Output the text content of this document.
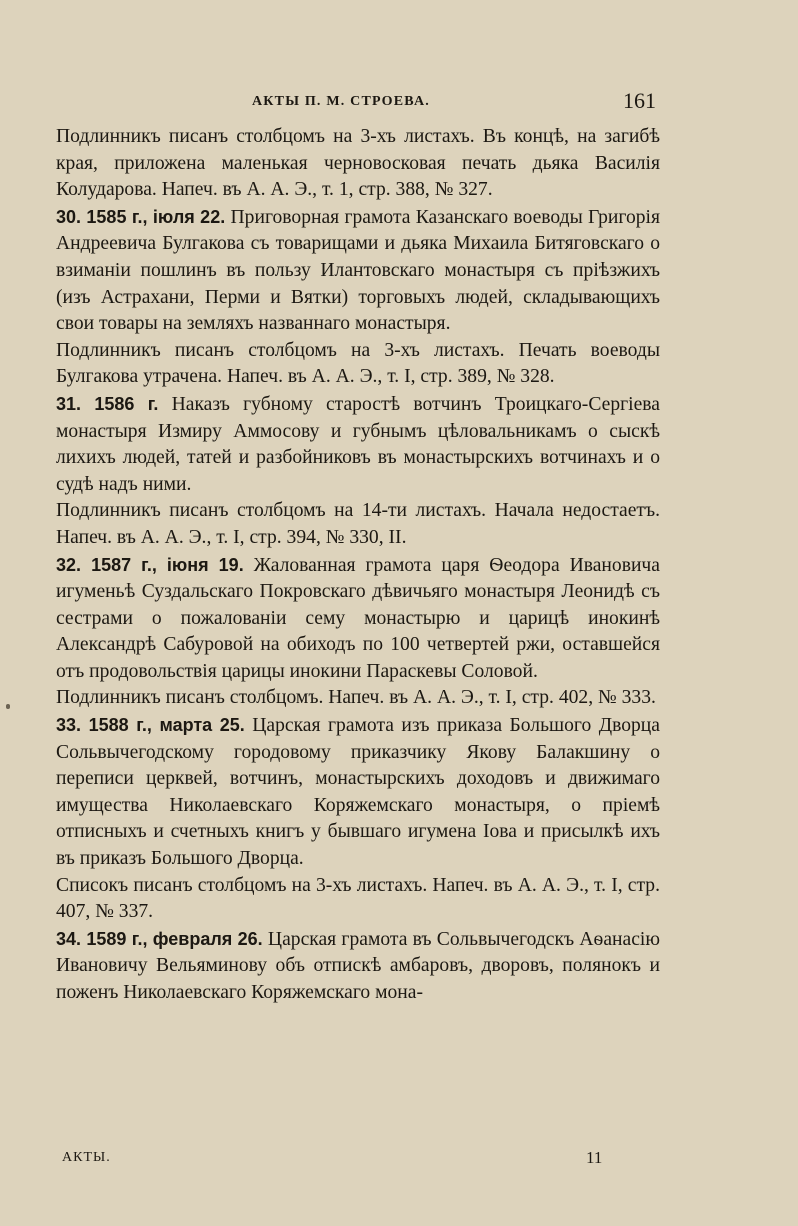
АКТЫ П. М. СТРОЕВА.	161

Подлинникъ писанъ столбцомъ на 3-хъ листахъ. Въ концѣ, на загибѣ края, приложена маленькая черновосковая печать дьяка Василія Колударова. Напеч. въ А. А. Э., т. 1, стр. 388, № 327.

30. 1585 г., іюля 22. Приговорная грамота Казанскаго воеводы Григорія Андреевича Булгакова съ товарищами и дьяка Михаила Битяговскаго о взиманіи пошлинъ въ пользу Илантовскаго монастыря съ пріѣзжихъ (изъ Астрахани, Перми и Вятки) торговыхъ людей, складывающихъ свои товары на земляхъ названнаго монастыря.

Подлинникъ писанъ столбцомъ на 3-хъ листахъ. Печать воеводы Булгакова утрачена. Напеч. въ А. А. Э., т. I, стр. 389, № 328.

31. 1586 г. Наказъ губному старостѣ вотчинъ Троицкаго-Сергіева монастыря Измиру Аммосову и губнымъ цѣловальникамъ о сыскѣ лихихъ людей, татей и разбойниковъ въ монастырскихъ вотчинахъ и о судѣ надъ ними.

Подлинникъ писанъ столбцомъ на 14-ти листахъ. Начала недостаетъ. Напеч. въ А. А. Э., т. I, стр. 394, № 330, II.

32. 1587 г., іюня 19. Жалованная грамота царя Ѳеодора Ивановича игуменьѣ Суздальскаго Покровскаго дѣвичьяго монастыря Леонидѣ съ сестрами о пожалованіи сему монастырю и царицѣ инокинѣ Александрѣ Сабуровой на обиходъ по 100 четвертей ржи, оставшейся отъ продовольствія царицы инокини Параскевы Соловой.

Подлинникъ писанъ столбцомъ. Напеч. въ А. А. Э., т. I, стр. 402, № 333.

33. 1588 г., марта 25. Царская грамота изъ приказа Большого Дворца Сольвычегодскому городовому приказчику Якову Балакшину о переписи церквей, вотчинъ, монастырскихъ доходовъ и движимаго имущества Николаевскаго Коряжемскаго монастыря, о пріемѣ отписныхъ и счетныхъ книгъ у бывшаго игумена Іова и присылкѣ ихъ въ приказъ Большого Дворца.

Списокъ писанъ столбцомъ на 3-хъ листахъ. Напеч. въ А. А. Э., т. I, стр. 407, № 337.

34. 1589 г., февраля 26. Царская грамота въ Сольвычегодскъ Аѳанасію Ивановичу Вельяминову объ отпискѣ амбаровъ, дворовъ, полянокъ и поженъ Николаевскаго Коряжемскаго мона-

АКТЫ.	11
